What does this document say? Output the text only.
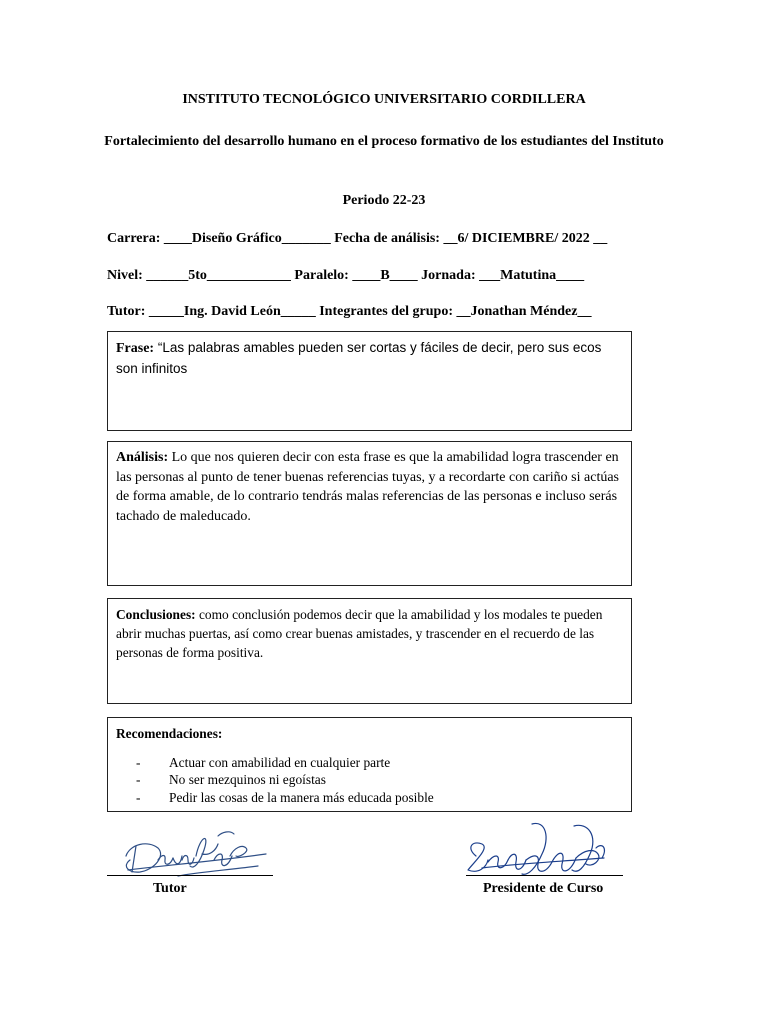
INSTITUTO TECNOLÓGICO UNIVERSITARIO CORDILLERA
Fortalecimiento del desarrollo humano en el proceso formativo de los estudiantes del Instituto
Periodo 22-23
Carrera: ____Diseño Gráfico_______ Fecha de análisis: __6/ DICIEMBRE/ 2022 __
Nivel: ______5to____________ Paralelo: ____B____ Jornada: ___Matutina____
Tutor: _____Ing. David León_____ Integrantes del grupo: __Jonathan Méndez__
Frase: “Las palabras amables pueden ser cortas y fáciles de decir, pero sus ecos son infinitos
Análisis: Lo que nos quieren decir con esta frase es que la amabilidad logra trascender en las personas al punto de tener buenas referencias tuyas, y a recordarte con cariño si actúas de forma amable, de lo contrario tendrás malas referencias de las personas e incluso serás tachado de maleducado.
Conclusiones: como conclusión podemos decir que la amabilidad y los modales te pueden abrir muchas puertas, así como crear buenas amistades, y trascender en el recuerdo de las personas de forma positiva.
Recomendaciones:
- Actuar con amabilidad en cualquier parte
- No ser mezquinos ni egoístas
- Pedir las cosas de la manera más educada posible
Tutor	Presidente de Curso
